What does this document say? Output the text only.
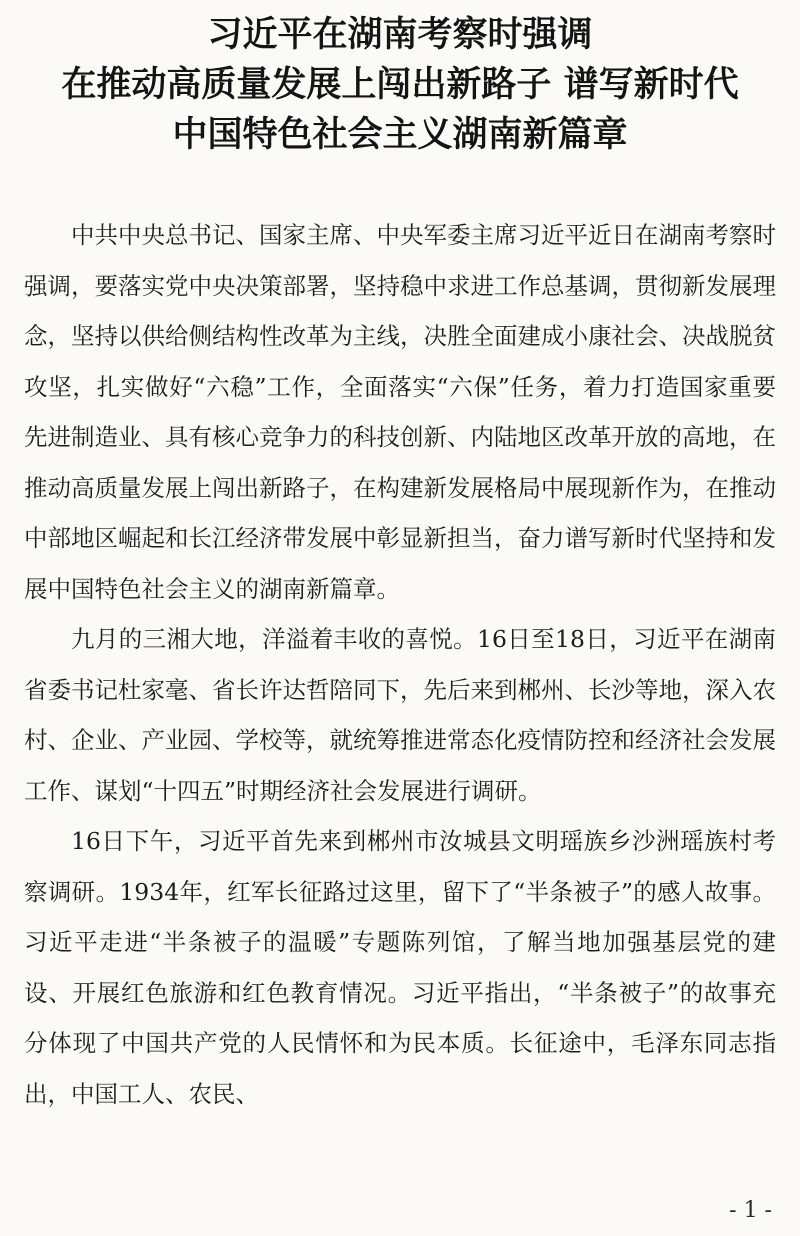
习近平在湖南考察时强调
在推动高质量发展上闯出新路子 谱写新时代
中国特色社会主义湖南新篇章

中共中央总书记、国家主席、中央军委主席习近平近日在湖南考察时强调，要落实党中央决策部署，坚持稳中求进工作总基调，贯彻新发展理念，坚持以供给侧结构性改革为主线，决胜全面建成小康社会、决战脱贫攻坚，扎实做好“六稳”工作，全面落实“六保”任务，着力打造国家重要先进制造业、具有核心竞争力的科技创新、内陆地区改革开放的高地，在推动高质量发展上闯出新路子，在构建新发展格局中展现新作为，在推动中部地区崛起和长江经济带发展中彰显新担当，奋力谱写新时代坚持和发展中国特色社会主义的湖南新篇章。

九月的三湘大地，洋溢着丰收的喜悦。16日至18日，习近平在湖南省委书记杜家毫、省长许达哲陪同下，先后来到郴州、长沙等地，深入农村、企业、产业园、学校等，就统筹推进常态化疫情防控和经济社会发展工作、谋划“十四五”时期经济社会发展进行调研。

16日下午，习近平首先来到郴州市汝城县文明瑶族乡沙洲瑶族村考察调研。1934年，红军长征路过这里，留下了“半条被子”的感人故事。习近平走进“半条被子的温暖”专题陈列馆，了解当地加强基层党的建设、开展红色旅游和红色教育情况。习近平指出，“半条被子”的故事充分体现了中国共产党的人民情怀和为民本质。长征途中，毛泽东同志指出，中国工人、农民、

- 1 -
